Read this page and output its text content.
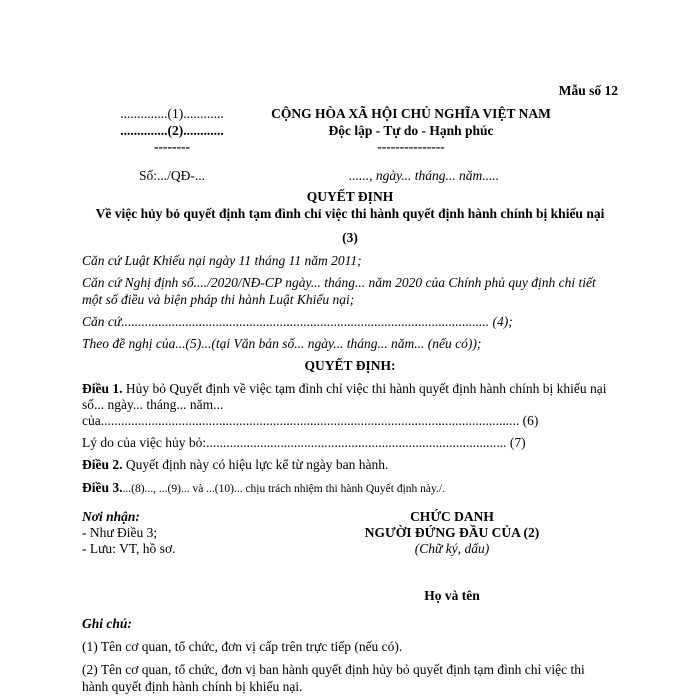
Mẫu số 12
..............(1)............
..............(2)............
--------
CỘNG HÒA XÃ HỘI CHỦ NGHĨA VIỆT NAM
Độc lập - Tự do - Hạnh phúc
---------------
Số:.../QĐ-...	......, ngày... tháng... năm.....
QUYẾT ĐỊNH
Về việc hủy bỏ quyết định tạm đình chỉ việc thi hành quyết định hành chính bị khiếu nại
(3)
Căn cứ Luật Khiếu nại ngày 11 tháng 11 năm 2011;
Căn cứ Nghị định số..../2020/NĐ-CP ngày... tháng... năm 2020 của Chính phủ quy định chi tiết
một số điều và biện pháp thi hành Luật Khiếu nại;
Căn cứ............................................................................................................. (4);
Theo đề nghị của...(5)...(tại Văn bản số... ngày... tháng... năm... (nếu có));
QUYẾT ĐỊNH:
Điều 1. Hủy bỏ Quyết định về việc tạm đình chỉ việc thi hành quyết định hành chính bị khiếu nại
số... ngày... tháng... năm...
của............................................................................................................................ (6)
Lý do của việc hủy bỏ:......................................................................................... (7)
Điều 2. Quyết định này có hiệu lực kể từ ngày ban hành.
Điều 3....(8)..., ...(9)... và ...(10)... chịu trách nhiệm thi hành Quyết định này./.
Nơi nhận:
- Như Điều 3;
- Lưu: VT, hồ sơ.
CHỨC DANH
NGƯỜI ĐỨNG ĐẦU CỦA (2)
(Chữ ký, dấu)
Họ và tên
Ghi chú:
(1) Tên cơ quan, tổ chức, đơn vị cấp trên trực tiếp (nếu có).
(2) Tên cơ quan, tổ chức, đơn vị ban hành quyết định hủy bỏ quyết định tạm đình chỉ việc thi
hành quyết định hành chính bị khiếu nại.
